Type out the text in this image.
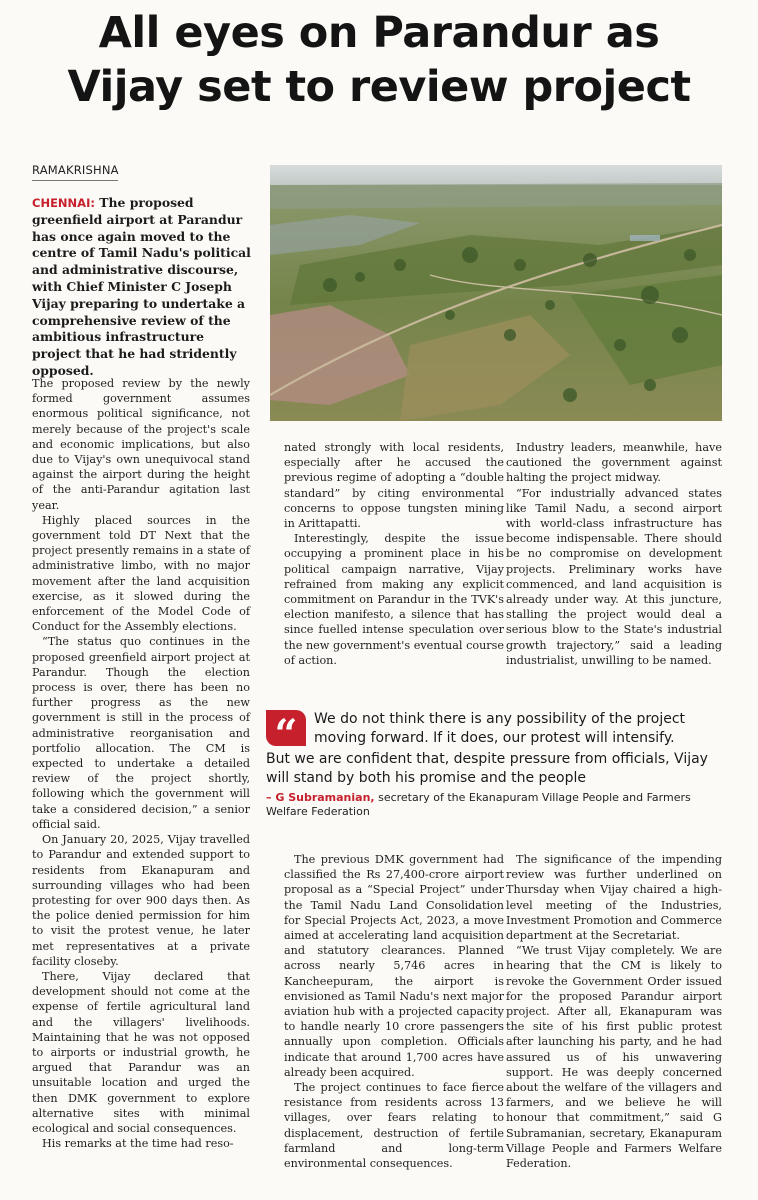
All eyes on Parandur as
Vijay set to review project
RAMAKRISHNA
CHENNAI: The proposed greenfield airport at Parandur has once again moved to the centre of Tamil Nadu's political and administrative discourse, with Chief Minister C Joseph Vijay preparing to undertake a comprehensive review of the ambitious infrastructure project that he had stridently opposed.

The proposed review by the newly formed government assumes enormous political significance, not merely because of the project's scale and economic implications, but also due to Vijay's own unequivocal stand against the airport during the height of the anti-Parandur agitation last year.

Highly placed sources in the government told DT Next that the project presently remains in a state of administrative limbo, with no major movement after the land acquisition exercise, as it slowed during the enforcement of the Model Code of Conduct for the Assembly elections.

“The status quo continues in the proposed greenfield airport project at Parandur. Though the election process is over, there has been no further progress as the new government is still in the process of administrative reorganisation and portfolio allocation. The CM is expected to undertake a detailed review of the project shortly, following which the government will take a considered decision,” a senior official said.

On January 20, 2025, Vijay travelled to Parandur and extended support to residents from Ekanapuram and surrounding villages who had been protesting for over 900 days then. As the police denied permission for him to visit the protest venue, he later met representatives at a private facility closeby.

There, Vijay declared that development should not come at the expense of fertile agricultural land and the villagers' livelihoods. Maintaining that he was not opposed to airports or industrial growth, he argued that Parandur was an unsuitable location and urged the then DMK government to explore alternative sites with minimal ecological and social consequences.

His remarks at the time had reso-

nated strongly with local residents, especially after he accused the previous regime of adopting a “double standard” by citing environmental concerns to oppose tungsten mining in Arittapatti.

Interestingly, despite the issue occupying a prominent place in his political campaign narrative, Vijay refrained from making any explicit commitment on Parandur in the TVK's election manifesto, a silence that has since fuelled intense speculation over the new government's eventual course of action.

Industry leaders, meanwhile, have cautioned the government against halting the project midway.

“For industrially advanced states like Tamil Nadu, a second airport with world-class infrastructure has become indispensable. There should be no compromise on development projects. Preliminary works have commenced, and land acquisition is already under way. At this juncture, stalling the project would deal a serious blow to the State's industrial growth trajectory,” said a leading industrialist, unwilling to be named.

“	We do not think there is any possibility of the project moving forward. If it does, our protest will intensify.
But we are confident that, despite pressure from officials, Vijay will stand by both his promise and the people
– G Subramanian, secretary of the Ekanapuram Village People and Farmers Welfare Federation

The previous DMK government had classified the Rs 27,400-crore airport proposal as a “Special Project” under the Tamil Nadu Land Consolidation for Special Projects Act, 2023, a move aimed at accelerating land acquisition and statutory clearances. Planned across nearly 5,746 acres in Kancheepuram, the airport is envisioned as Tamil Nadu's next major aviation hub with a projected capacity to handle nearly 10 crore passengers annually upon completion. Officials indicate that around 1,700 acres have already been acquired.

The project continues to face fierce resistance from residents across 13 villages, over fears relating to displacement, destruction of fertile farmland and long-term environmental consequences.

The significance of the impending review was further underlined on Thursday when Vijay chaired a high-level meeting of the Industries, Investment Promotion and Commerce department at the Secretariat.

“We trust Vijay completely. We are hearing that the CM is likely to revoke the Government Order issued for the proposed Parandur airport project. After all, Ekanapuram was the site of his first public protest after launching his party, and he had assured us of his unwavering support. He was deeply concerned about the welfare of the villagers and farmers, and we believe he will honour that commitment,” said G Subramanian, secretary, Ekanapuram Village People and Farmers Welfare Federation.
